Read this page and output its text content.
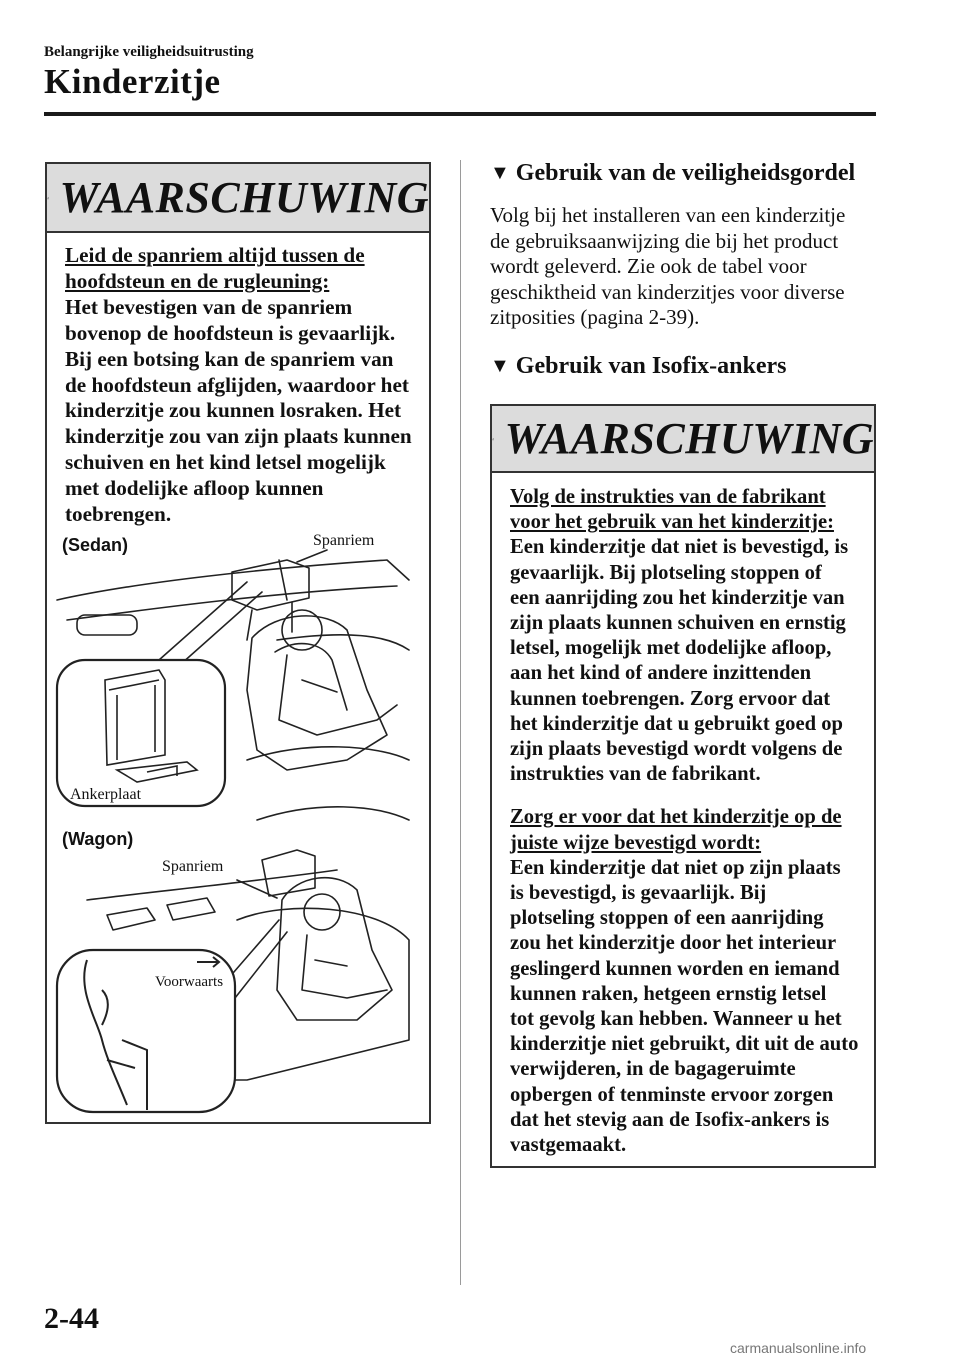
Belangrijke veiligheidsuitrusting
Kinderzitje
WAARSCHUWING
Leid de spanriem altijd tussen de
hoofdsteun en de rugleuning:
Het bevestigen van de spanriem
bovenop de hoofdsteun is gevaarlijk.
Bij een botsing kan de spanriem van
de hoofdsteun afglijden, waardoor het
kinderzitje zou kunnen losraken. Het
kinderzitje zou van zijn plaats kunnen
schuiven en het kind letsel mogelijk
met dodelijke afloop kunnen
toebrengen.
(Sedan)	Spanriem
Ankerplaat
(Wagon)
Spanriem
Voorwaarts
▼ Gebruik van de veiligheidsgordel
Volg bij het installeren van een kinderzitje
de gebruiksaanwijzing die bij het product
wordt geleverd. Zie ook de tabel voor
geschiktheid van kinderzitjes voor diverse
zitposities (pagina 2-39).
▼ Gebruik van Isofix-ankers
WAARSCHUWING
Volg de instrukties van de fabrikant
voor het gebruik van het kinderzitje:
Een kinderzitje dat niet is bevestigd, is
gevaarlijk. Bij plotseling stoppen of
een aanrijding zou het kinderzitje van
zijn plaats kunnen schuiven en ernstig
letsel, mogelijk met dodelijke afloop,
aan het kind of andere inzittenden
kunnen toebrengen. Zorg ervoor dat
het kinderzitje dat u gebruikt goed op
zijn plaats bevestigd wordt volgens de
instrukties van de fabrikant.
Zorg er voor dat het kinderzitje op de
juiste wijze bevestigd wordt:
Een kinderzitje dat niet op zijn plaats
is bevestigd, is gevaarlijk. Bij
plotseling stoppen of een aanrijding
zou het kinderzitje door het interieur
geslingerd kunnen worden en iemand
kunnen raken, hetgeen ernstig letsel
tot gevolg kan hebben. Wanneer u het
kinderzitje niet gebruikt, dit uit de auto
verwijderen, in de bagageruimte
opbergen of tenminste ervoor zorgen
dat het stevig aan de Isofix-ankers is
vastgemaakt.
2-44
carmanualsonline.info
